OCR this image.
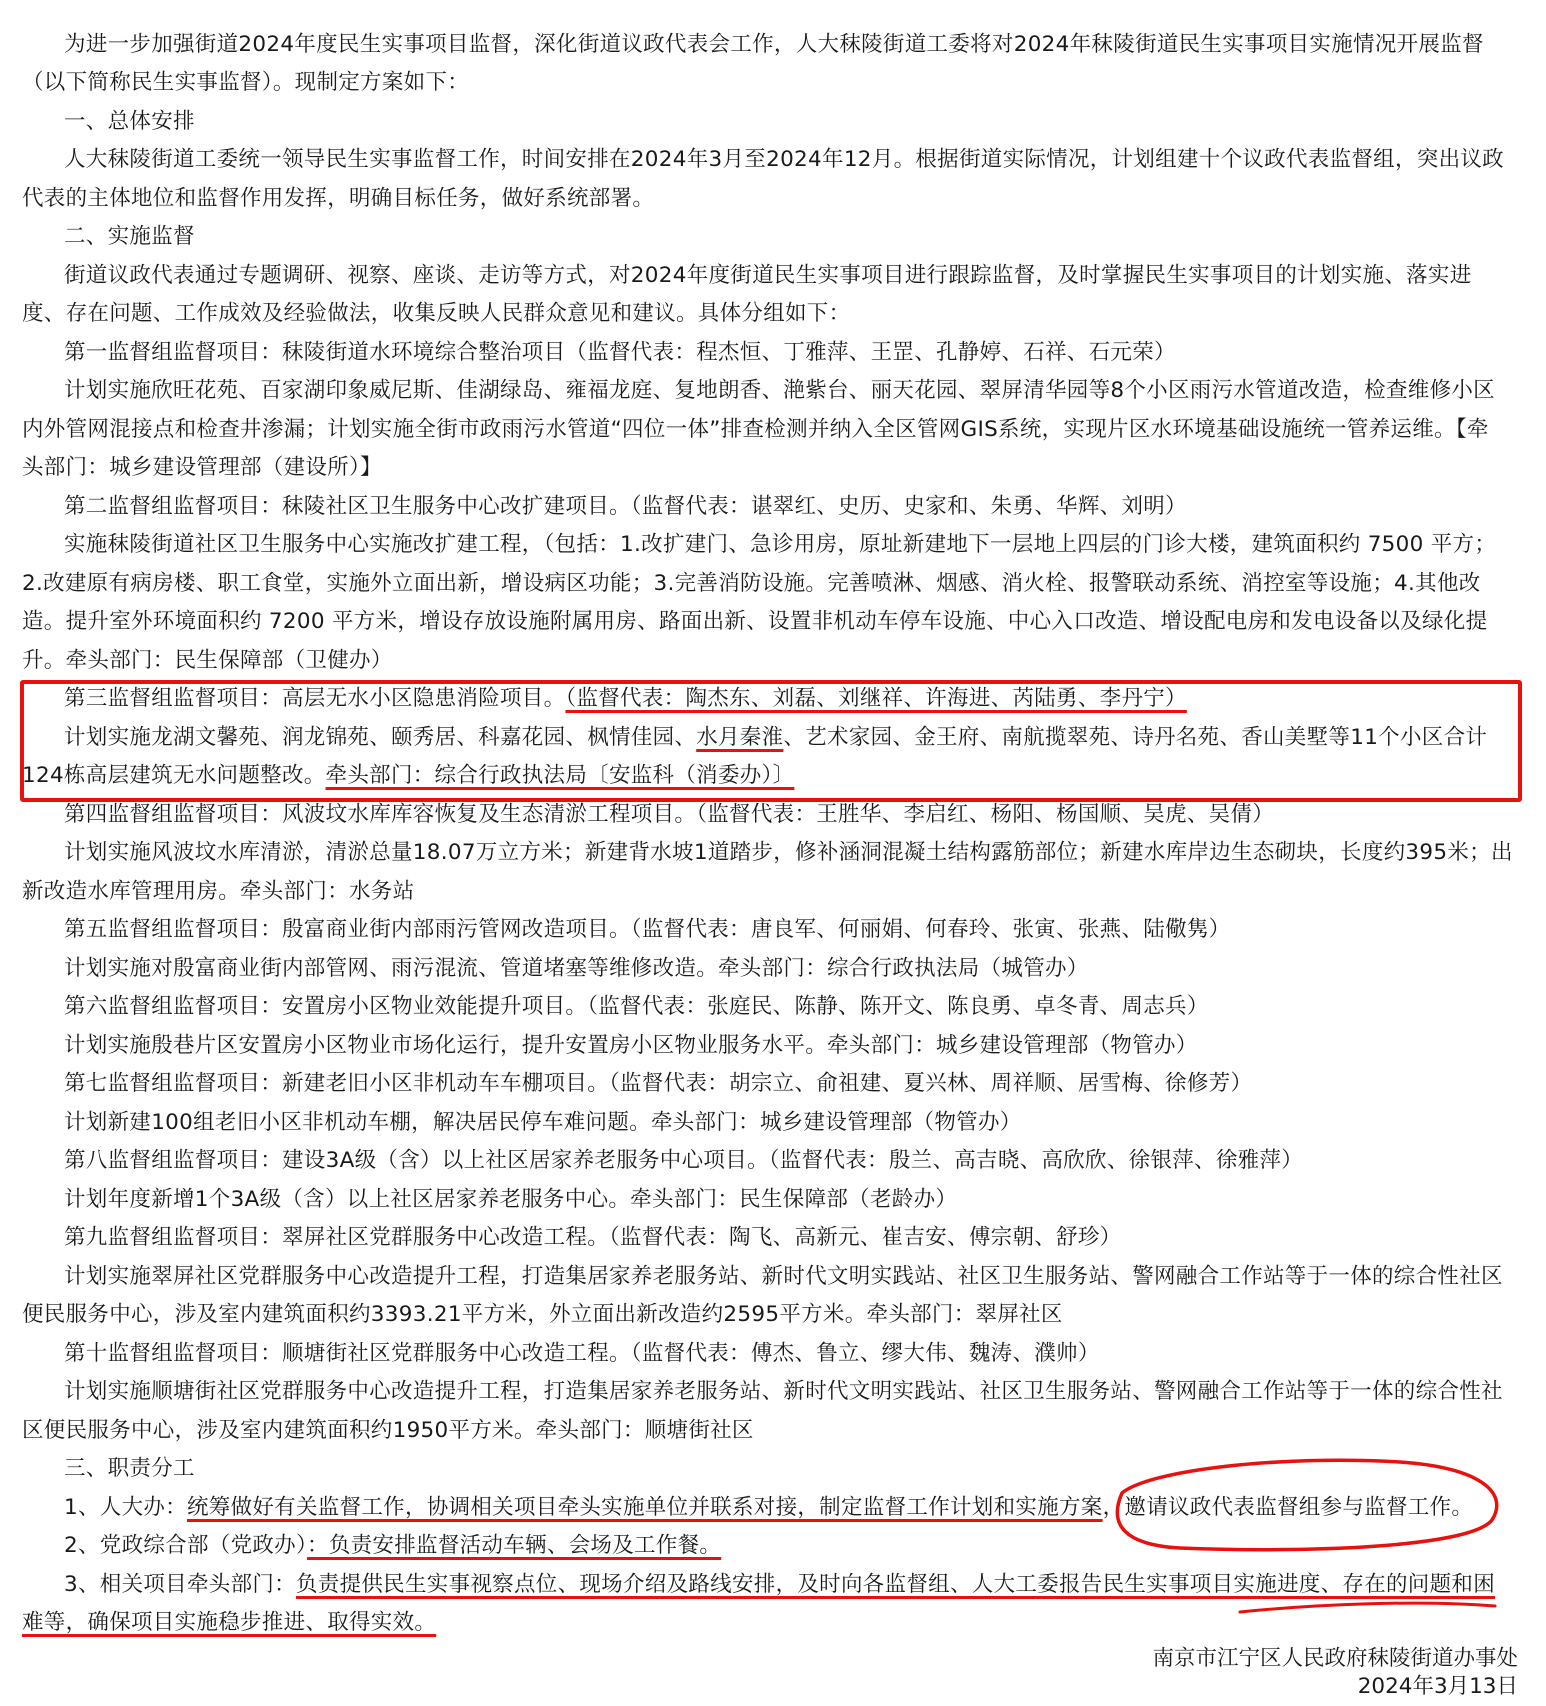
为进一步加强街道2024年度民生实事项目监督，深化街道议政代表会工作，人大秣陵街道工委将对2024年秣陵街道民生实事项目实施情况开展监督
（以下简称民生实事监督）。现制定方案如下：
一、总体安排
人大秣陵街道工委统一领导民生实事监督工作，时间安排在2024年3月至2024年12月。根据街道实际情况，计划组建十个议政代表监督组，突出议政
代表的主体地位和监督作用发挥，明确目标任务，做好系统部署。
二、实施监督
街道议政代表通过专题调研、视察、座谈、走访等方式，对2024年度街道民生实事项目进行跟踪监督，及时掌握民生实事项目的计划实施、落实进
度、存在问题、工作成效及经验做法，收集反映人民群众意见和建议。具体分组如下：
第一监督组监督项目：秣陵街道水环境综合整治项目（监督代表：程杰恒、丁雅萍、王罡、孔静婷、石祥、石元荣）
计划实施欣旺花苑、百家湖印象威尼斯、佳湖绿岛、雍福龙庭、复地朗香、滟紫台、丽天花园、翠屏清华园等8个小区雨污水管道改造，检查维修小区
内外管网混接点和检查井渗漏；计划实施全街市政雨污水管道“四位一体”排查检测并纳入全区管网GIS系统，实现片区水环境基础设施统一管养运维。【牵
头部门：城乡建设管理部（建设所）】
第二监督组监督项目：秣陵社区卫生服务中心改扩建项目。（监督代表：谌翠红、史历、史家和、朱勇、华辉、刘明）
实施秣陵街道社区卫生服务中心实施改扩建工程，（包括：1.改扩建门、急诊用房，原址新建地下一层地上四层的门诊大楼，建筑面积约 7500 平方；
2.改建原有病房楼、职工食堂，实施外立面出新，增设病区功能；3.完善消防设施。完善喷淋、烟感、消火栓、报警联动系统、消控室等设施；4.其他改
造。提升室外环境面积约 7200 平方米，增设存放设施附属用房、路面出新、设置非机动车停车设施、中心入口改造、增设配电房和发电设备以及绿化提
升。牵头部门：民生保障部（卫健办）
第三监督组监督项目：高层无水小区隐患消险项目。（监督代表：陶杰东、刘磊、刘继祥、许海进、芮陆勇、李丹宁）
计划实施龙湖文馨苑、润龙锦苑、颐秀居、科嘉花园、枫情佳园、水月秦淮、艺术家园、金王府、南航揽翠苑、诗丹名苑、香山美墅等11个小区合计
124栋高层建筑无水问题整改。牵头部门：综合行政执法局〔安监科（消委办）〕
第四监督组监督项目：风波坟水库库容恢复及生态清淤工程项目。（监督代表：王胜华、李启红、杨阳、杨国顺、吴虎、吴倩）
计划实施风波坟水库清淤，清淤总量18.07万立方米；新建背水坡1道踏步，修补涵洞混凝土结构露筋部位；新建水库岸边生态砌块，长度约395米；出
新改造水库管理用房。牵头部门：水务站
第五监督组监督项目：殷富商业街内部雨污管网改造项目。（监督代表：唐良军、何丽娟、何春玲、张寅、张燕、陆儆隽）
计划实施对殷富商业街内部管网、雨污混流、管道堵塞等维修改造。牵头部门：综合行政执法局（城管办）
第六监督组监督项目：安置房小区物业效能提升项目。（监督代表：张庭民、陈静、陈开文、陈良勇、卓冬青、周志兵）
计划实施殷巷片区安置房小区物业市场化运行，提升安置房小区物业服务水平。牵头部门：城乡建设管理部（物管办）
第七监督组监督项目：新建老旧小区非机动车车棚项目。（监督代表：胡宗立、俞祖建、夏兴林、周祥顺、居雪梅、徐修芳）
计划新建100组老旧小区非机动车棚，解决居民停车难问题。牵头部门：城乡建设管理部（物管办）
第八监督组监督项目：建设3A级（含）以上社区居家养老服务中心项目。（监督代表：殷兰、高吉晓、高欣欣、徐银萍、徐雅萍）
计划年度新增1个3A级（含）以上社区居家养老服务中心。牵头部门：民生保障部（老龄办）
第九监督组监督项目：翠屏社区党群服务中心改造工程。（监督代表：陶飞、高新元、崔吉安、傅宗朝、舒珍）
计划实施翠屏社区党群服务中心改造提升工程，打造集居家养老服务站、新时代文明实践站、社区卫生服务站、警网融合工作站等于一体的综合性社区
便民服务中心，涉及室内建筑面积约3393.21平方米，外立面出新改造约2595平方米。牵头部门：翠屏社区
第十监督组监督项目：顺塘街社区党群服务中心改造工程。（监督代表：傅杰、鲁立、缪大伟、魏涛、濮帅）
计划实施顺塘街社区党群服务中心改造提升工程，打造集居家养老服务站、新时代文明实践站、社区卫生服务站、警网融合工作站等于一体的综合性社
区便民服务中心，涉及室内建筑面积约1950平方米。牵头部门：顺塘街社区
三、职责分工
1、人大办：统筹做好有关监督工作，协调相关项目牵头实施单位并联系对接，制定监督工作计划和实施方案，邀请议政代表监督组参与监督工作。
2、党政综合部（党政办）：负责安排监督活动车辆、会场及工作餐。
3、相关项目牵头部门：负责提供民生实事视察点位、现场介绍及路线安排，及时向各监督组、人大工委报告民生实事项目实施进度、存在的问题和困
难等，确保项目实施稳步推进、取得实效。
南京市江宁区人民政府秣陵街道办事处
2024年3月13日
